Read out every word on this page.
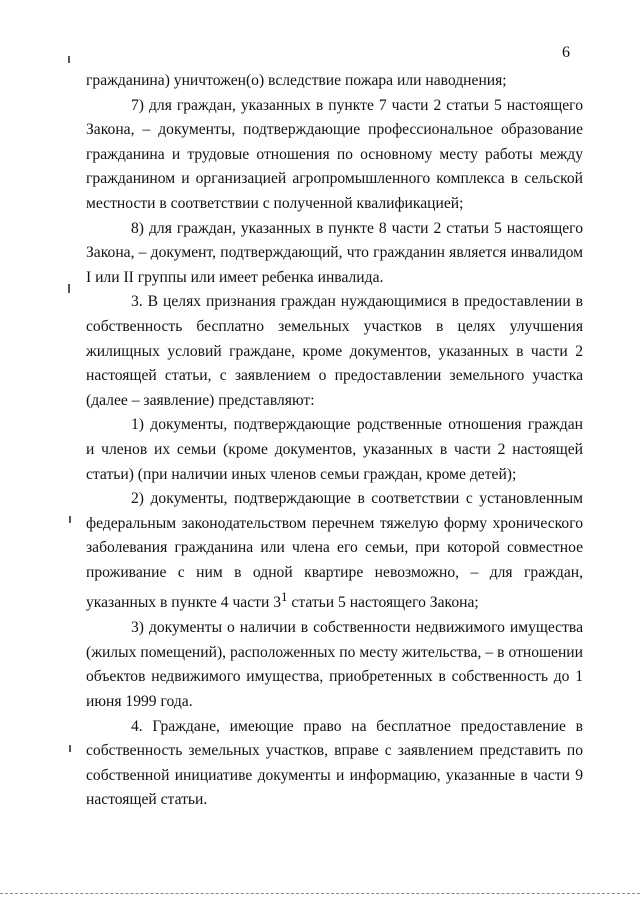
6

гражданина) уничтожен(о) вследствие пожара или наводнения;

7) для граждан, указанных в пункте 7 части 2 статьи 5 настоящего Закона, – документы, подтверждающие профессиональное образование гражданина и трудовые отношения по основному месту работы между гражданином и организацией агропромышленного комплекса в сельской местности в соответствии с полученной квалификацией;

8) для граждан, указанных в пункте 8 части 2 статьи 5 настоящего Закона, – документ, подтверждающий, что гражданин является инвалидом I или II группы или имеет ребенка инвалида.

3. В целях признания граждан нуждающимися в предоставлении в собственность бесплатно земельных участков в целях улучшения жилищных условий граждане, кроме документов, указанных в части 2 настоящей статьи, с заявлением о предоставлении земельного участка (далее – заявление) представляют:

1) документы, подтверждающие родственные отношения граждан и членов их семьи (кроме документов, указанных в части 2 настоящей статьи) (при наличии иных членов семьи граждан, кроме детей);

2) документы, подтверждающие в соответствии с установленным федеральным законодательством перечнем тяжелую форму хронического заболевания гражданина или члена его семьи, при которой совместное проживание с ним в одной квартире невозможно, – для граждан, указанных в пункте 4 части $3^1$ статьи 5 настоящего Закона;

3) документы о наличии в собственности недвижимого имущества (жилых помещений), расположенных по месту жительства, – в отношении объектов недвижимого имущества, приобретенных в собственность до 1 июня 1999 года.

4. Граждане, имеющие право на бесплатное предоставление в собственность земельных участков, вправе с заявлением представить по собственной инициативе документы и информацию, указанные в части 9 настоящей статьи.
